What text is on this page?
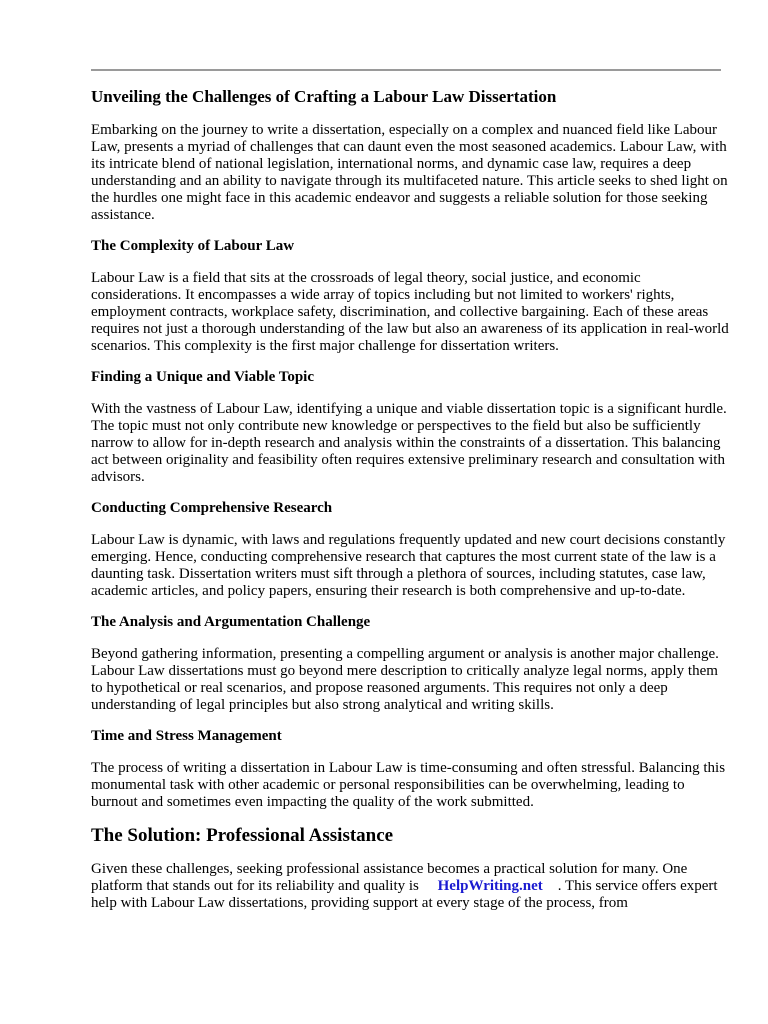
Unveiling the Challenges of Crafting a Labour Law Dissertation

Embarking on the journey to write a dissertation, especially on a complex and nuanced field like Labour Law, presents a myriad of challenges that can daunt even the most seasoned academics. Labour Law, with its intricate blend of national legislation, international norms, and dynamic case law, requires a deep understanding and an ability to navigate through its multifaceted nature. This article seeks to shed light on the hurdles one might face in this academic endeavor and suggests a reliable solution for those seeking assistance.

The Complexity of Labour Law

Labour Law is a field that sits at the crossroads of legal theory, social justice, and economic considerations. It encompasses a wide array of topics including but not limited to workers' rights, employment contracts, workplace safety, discrimination, and collective bargaining. Each of these areas requires not just a thorough understanding of the law but also an awareness of its application in real-world scenarios. This complexity is the first major challenge for dissertation writers.

Finding a Unique and Viable Topic

With the vastness of Labour Law, identifying a unique and viable dissertation topic is a significant hurdle. The topic must not only contribute new knowledge or perspectives to the field but also be sufficiently narrow to allow for in-depth research and analysis within the constraints of a dissertation. This balancing act between originality and feasibility often requires extensive preliminary research and consultation with advisors.

Conducting Comprehensive Research

Labour Law is dynamic, with laws and regulations frequently updated and new court decisions constantly emerging. Hence, conducting comprehensive research that captures the most current state of the law is a daunting task. Dissertation writers must sift through a plethora of sources, including statutes, case law, academic articles, and policy papers, ensuring their research is both comprehensive and up-to-date.

The Analysis and Argumentation Challenge

Beyond gathering information, presenting a compelling argument or analysis is another major challenge. Labour Law dissertations must go beyond mere description to critically analyze legal norms, apply them to hypothetical or real scenarios, and propose reasoned arguments. This requires not only a deep understanding of legal principles but also strong analytical and writing skills.

Time and Stress Management

The process of writing a dissertation in Labour Law is time-consuming and often stressful. Balancing this monumental task with other academic or personal responsibilities can be overwhelming, leading to burnout and sometimes even impacting the quality of the work submitted.

The Solution: Professional Assistance

Given these challenges, seeking professional assistance becomes a practical solution for many. One platform that stands out for its reliability and quality is HelpWriting.net . This service offers expert help with Labour Law dissertations, providing support at every stage of the process, from
